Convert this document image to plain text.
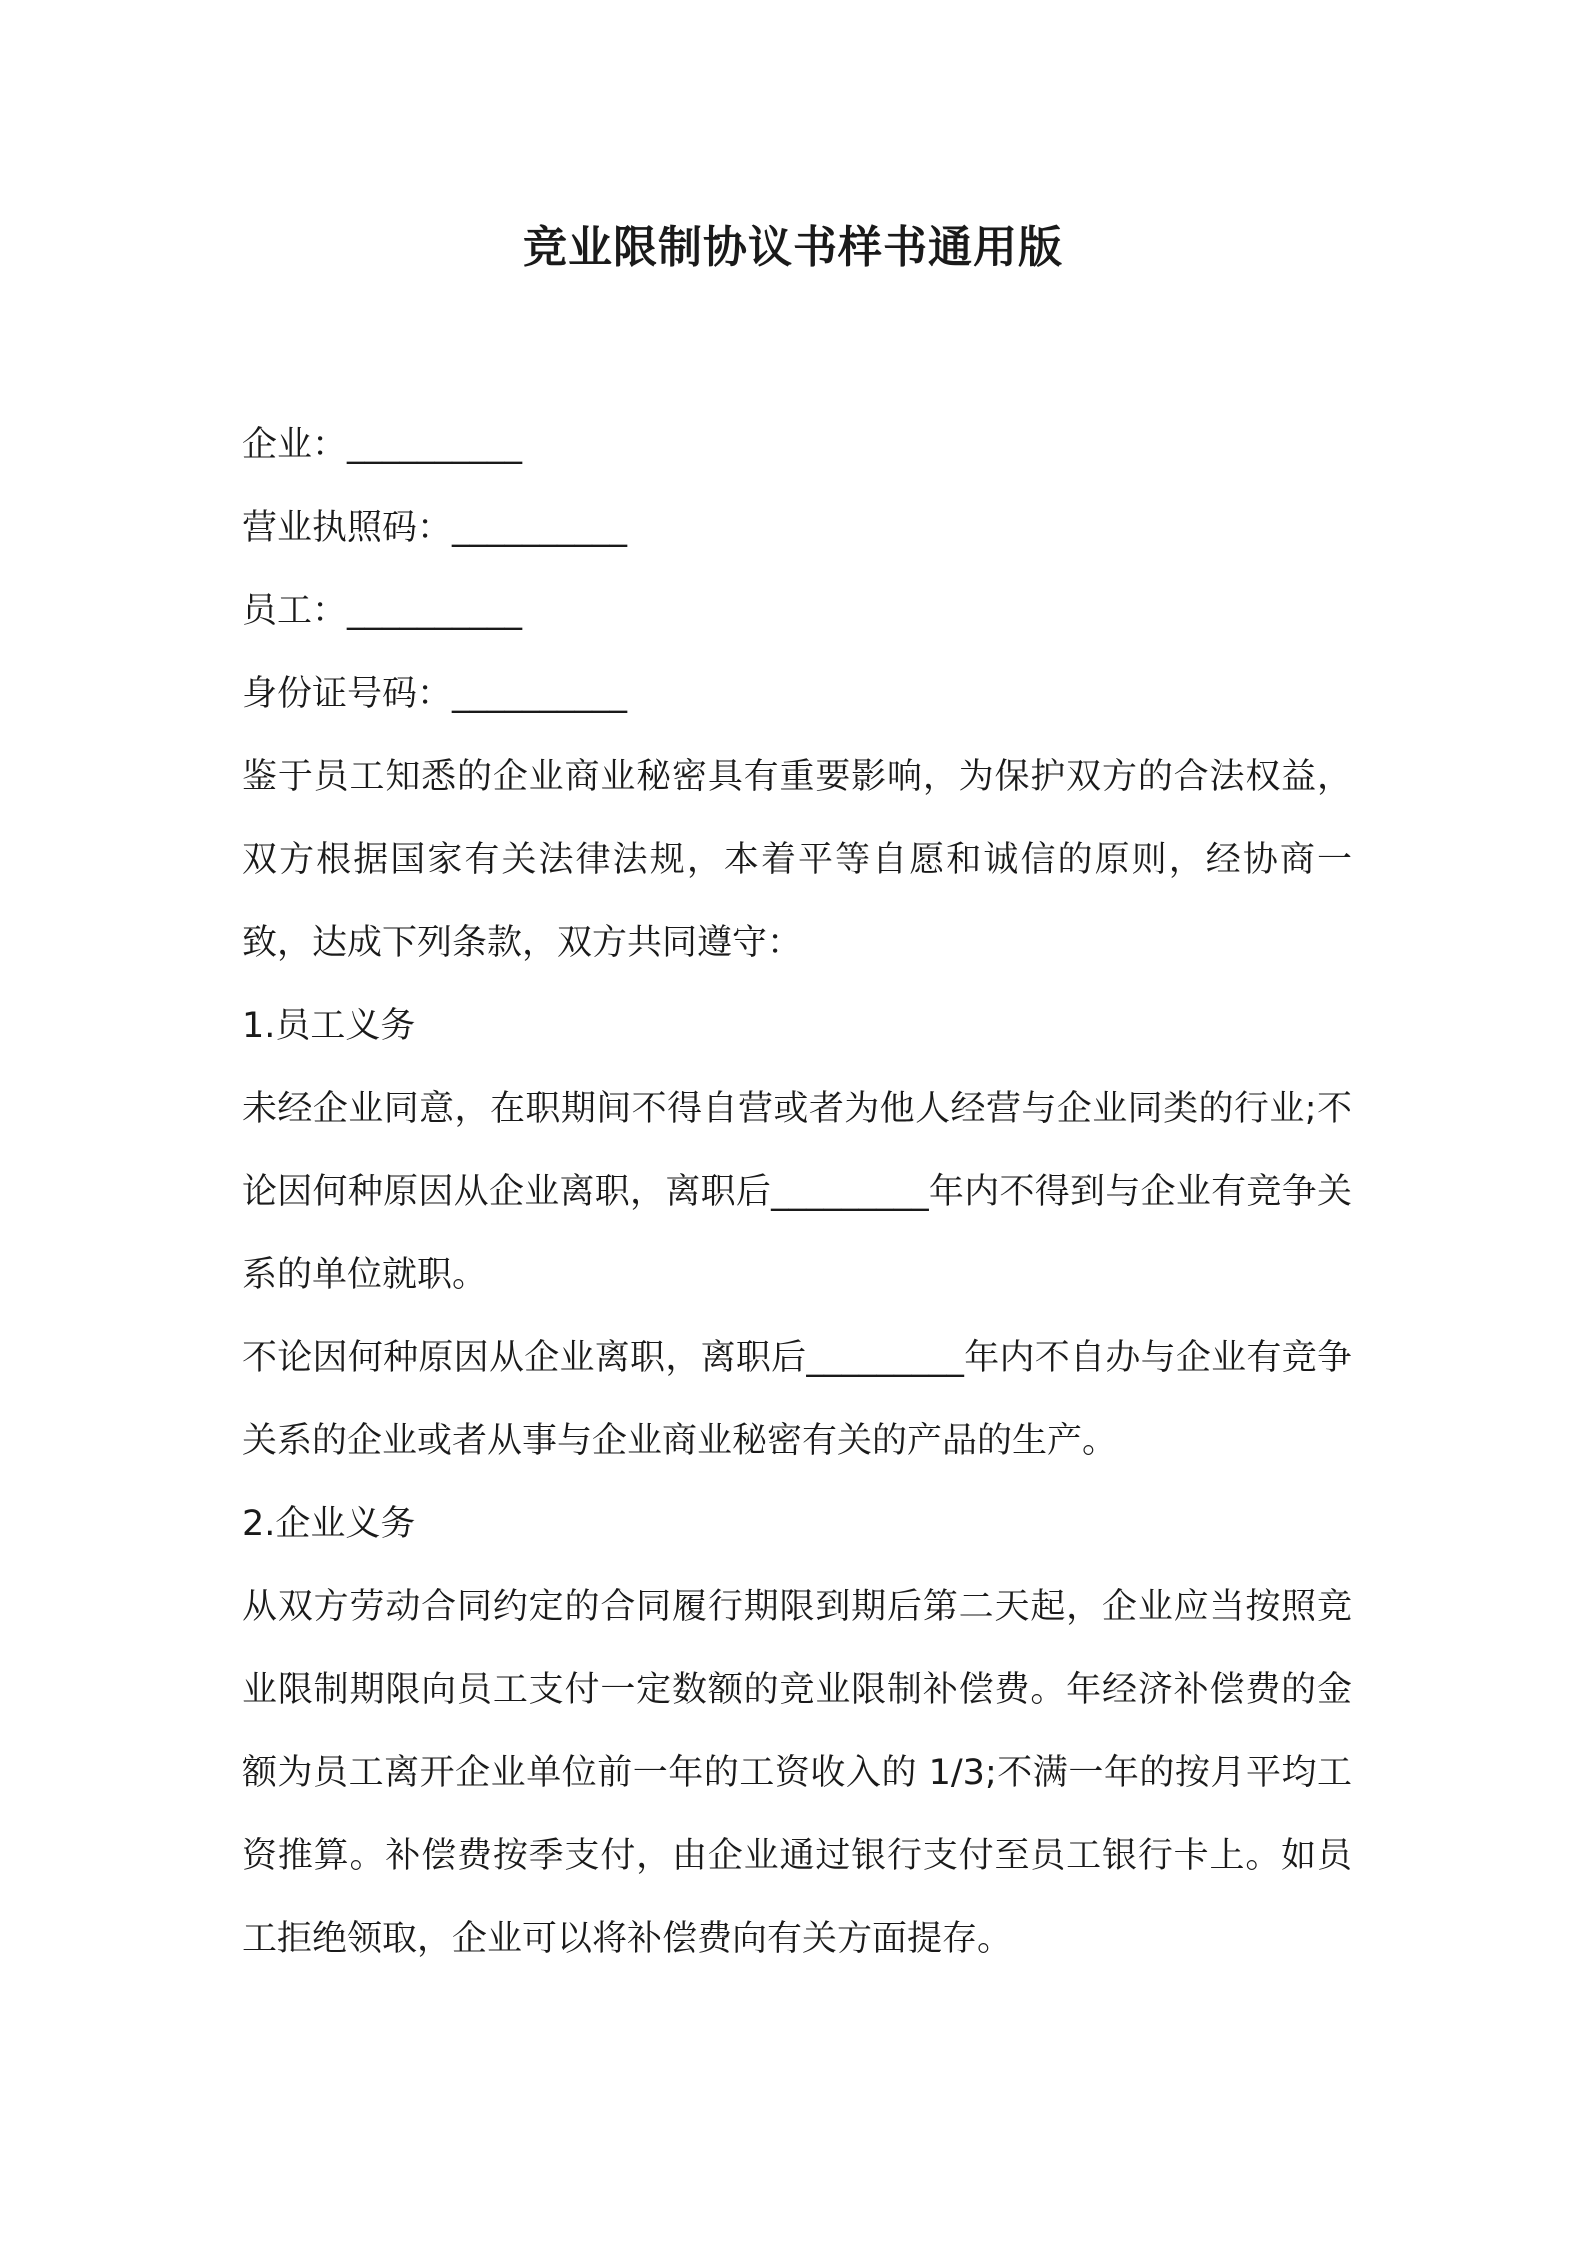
竞业限制协议书样书通用版

企业：__________

营业执照码：__________

员工：__________

身份证号码：__________

鉴于员工知悉的企业商业秘密具有重要影响，为保护双方的合法权益，双方根据国家有关法律法规，本着平等自愿和诚信的原则，经协商一致，达成下列条款，双方共同遵守：

1.员工义务

未经企业同意，在职期间不得自营或者为他人经营与企业同类的行业;不论因何种原因从企业离职，离职后_________年内不得到与企业有竞争关系的单位就职。

不论因何种原因从企业离职，离职后_________年内不自办与企业有竞争关系的企业或者从事与企业商业秘密有关的产品的生产。

2.企业义务

从双方劳动合同约定的合同履行期限到期后第二天起，企业应当按照竞业限制期限向员工支付一定数额的竞业限制补偿费。年经济补偿费的金额为员工离开企业单位前一年的工资收入的 1/3;不满一年的按月平均工资推算。补偿费按季支付，由企业通过银行支付至员工银行卡上。如员工拒绝领取，企业可以将补偿费向有关方面提存。
